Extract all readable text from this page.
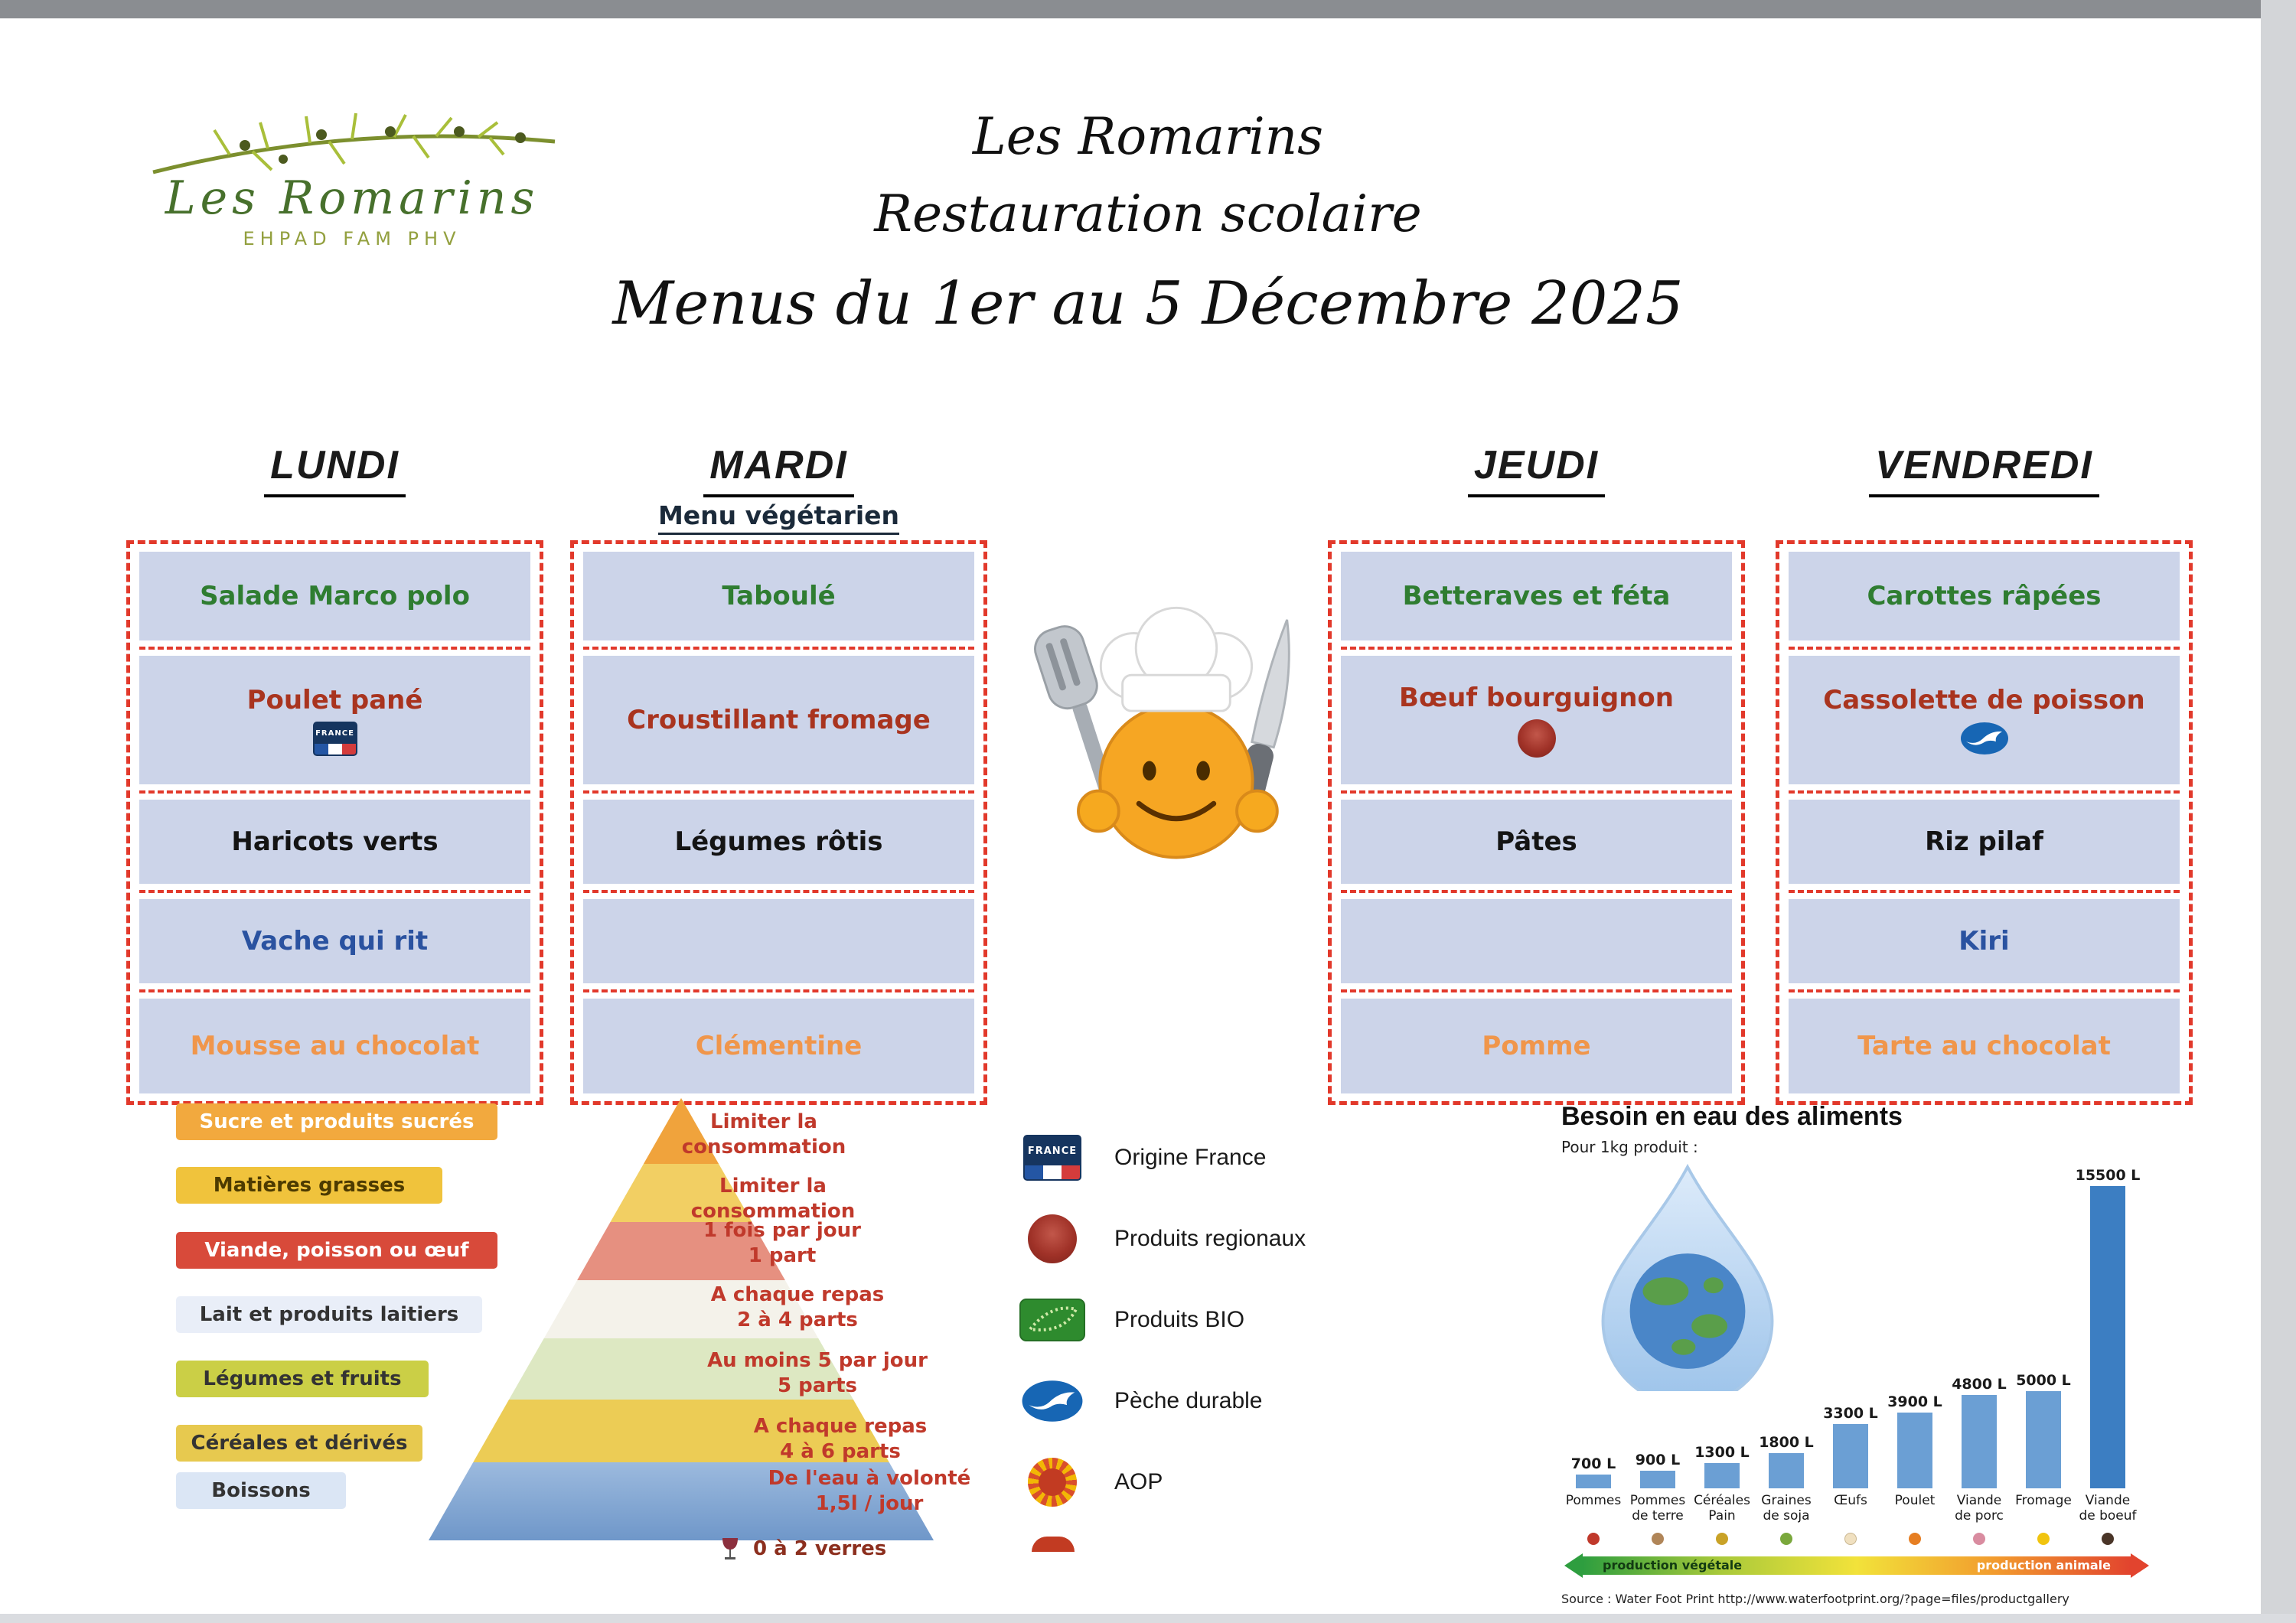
Les Romarins
EHPAD FAM PHV
Les Romarins
Restauration scolaire
Menus du 1er au 5 Décembre 2025
LUNDI
Salade Marco polo
Poulet pané
FRANCE
Haricots verts
Vache qui rit
Mousse au chocolat
MARDI
Menu végétarien
Taboulé
Croustillant fromage
Légumes rôtis
Clémentine
JEUDI
Betteraves et féta
Bœuf bourguignon
Pâtes
Pomme
VENDREDI
Carottes râpées
Cassolette de poisson
Riz pilaf
Kiri
Tarte au chocolat
Sucre et produits sucrés
Matières grasses
Viande, poisson ou œuf
Lait et produits laitiers
Légumes et fruits
Céréales et dérivés
Boissons
Limiter la consommation
Limiter la consommation
1 fois par jour
1 part
A chaque repas
2 à 4 parts
Au moins 5 par jour
5 parts
A chaque repas
4 à 6 parts
De l'eau à volonté
1,5l / jour
0 à 2 verres
FRANCE Origine France
Produits regionaux
Produits BIO
Pèche durable
AOP
Besoin en eau des aliments
Pour 1kg produit :
700 L 900 L 1300 L
1800 L
3300 L
3900 L
4800 L 5000 L
15500 L
Pommes Pommes de terre
Céréales Pain
Graines de soja
Œufs	Poulet	Viande de porc
Fromage	Viande de boeuf
production végétale	production animale
Source : Water Foot Print http://www.waterfootprint.org/?page=files/productgallery
